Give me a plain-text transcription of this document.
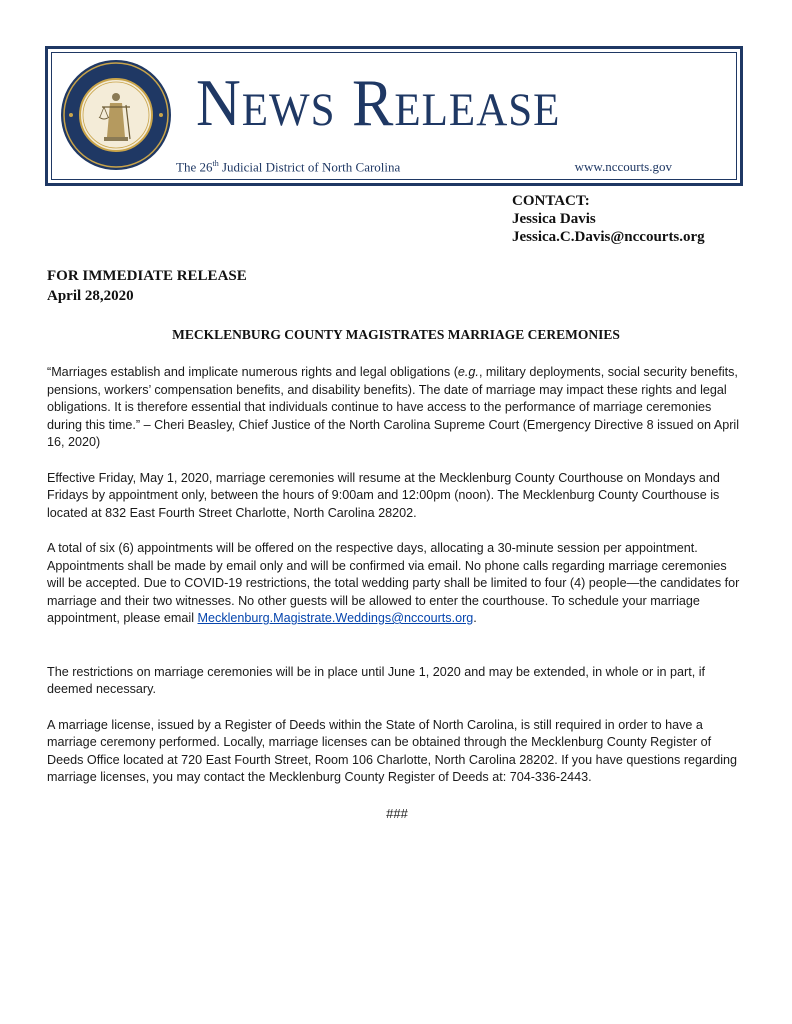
News Release
The 26th Judicial District of North Carolina	www.nccourts.gov
CONTACT:
Jessica Davis
Jessica.C.Davis@nccourts.org
FOR IMMEDIATE RELEASE
April 28,2020
MECKLENBURG COUNTY MAGISTRATES MARRIAGE CEREMONIES

“Marriages establish and implicate numerous rights and legal obligations (e.g., military deployments, social security benefits, pensions, workers’ compensation benefits, and disability benefits). The date of marriage may impact these rights and legal obligations. It is therefore essential that individuals continue to have access to the performance of marriage ceremonies during this time.” – Cheri Beasley, Chief Justice of the North Carolina Supreme Court (Emergency Directive 8 issued on April 16, 2020)

Effective Friday, May 1, 2020, marriage ceremonies will resume at the Mecklenburg County Courthouse on Mondays and Fridays by appointment only, between the hours of 9:00am and 12:00pm (noon). The Mecklenburg County Courthouse is located at 832 East Fourth Street Charlotte, North Carolina 28202.

A total of six (6) appointments will be offered on the respective days, allocating a 30-minute session per appointment. Appointments shall be made by email only and will be confirmed via email. No phone calls regarding marriage ceremonies will be accepted. Due to COVID-19 restrictions, the total wedding party shall be limited to four (4) people—the candidates for marriage and their two witnesses. No other guests will be allowed to enter the courthouse. To schedule your marriage appointment, please email Mecklenburg.Magistrate.Weddings@nccourts.org.

The restrictions on marriage ceremonies will be in place until June 1, 2020 and may be extended, in whole or in part, if deemed necessary.

A marriage license, issued by a Register of Deeds within the State of North Carolina, is still required in order to have a marriage ceremony performed. Locally, marriage licenses can be obtained through the Mecklenburg County Register of Deeds Office located at 720 East Fourth Street, Room 106 Charlotte, North Carolina 28202. If you have questions regarding marriage licenses, you may contact the Mecklenburg County Register of Deeds at: 704-336-2443.

###
